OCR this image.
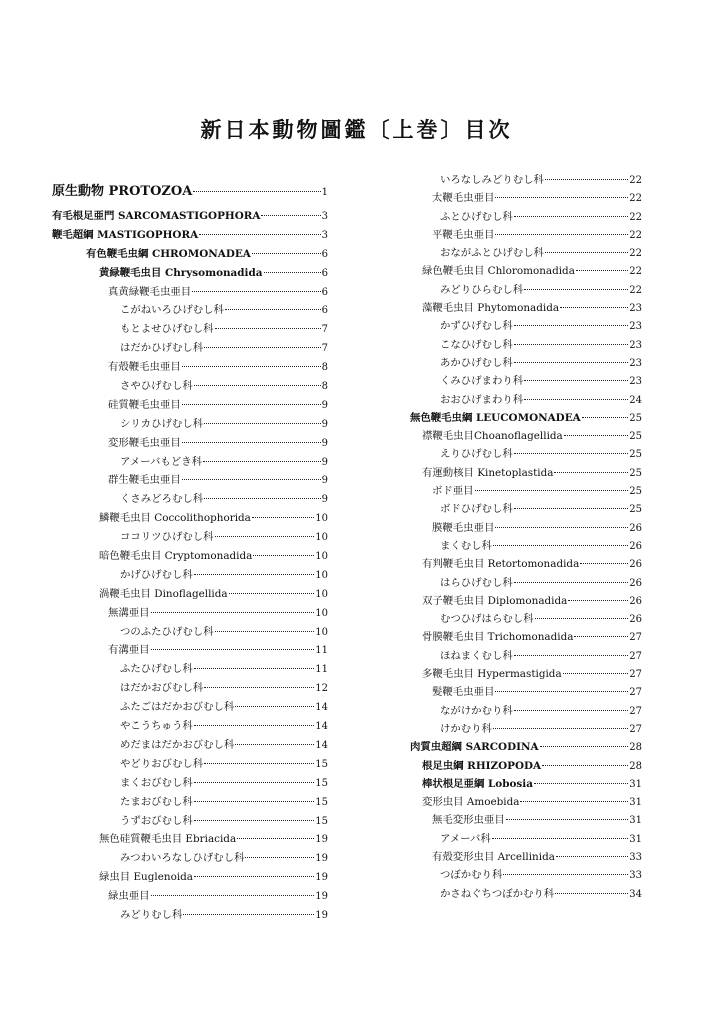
新日本動物圖鑑〔上巻〕目次
原生動物 PROTOZOA	1
有毛根足亜門 SARCOMASTIGOPHORA	3
鞭毛超綱 MASTIGOPHORA	3
有色鞭毛虫綱 CHROMONADEA	6
黄緑鞭毛虫目 Chrysomonadida	6
真黄緑鞭毛虫亜目	6
こがねいろひげむし科	6
もとよせひげむし科	7
はだかひげむし科	7
有殻鞭毛虫亜目	8
さやひげむし科	8
硅質鞭毛虫亜目	9
シリカひげむし科	9
変形鞭毛虫亜目	9
アメーバもどき科	9
群生鞭毛虫亜目	9
くさみどろむし科	9
鱗鞭毛虫目 Coccolithophorida	10
ココリツひげむし科	10
暗色鞭毛虫目 Cryptomonadida	10
かげひげむし科	10
渦鞭毛虫目 Dinoflagellida	10
無溝亜目	10
つのふたひげむし科	10
有溝亜目	11
ふたひげむし科	11
はだかおびむし科	12
ふたごはだかおびむし科	14
やこうちゅう科	14
めだまはだかおびむし科	14
やどりおびむし科	15
まくおびむし科	15
たまおびむし科	15
うずおびむし科	15
無色硅質鞭毛虫目 Ebriacida	19
みつわいろなしひげむし科	19
緑虫目 Euglenoida	19
緑虫亜目	19
みどりむし科	19
いろなしみどりむし科	22
太鞭毛虫亜目	22
ふとひげむし科	22
平鞭毛虫亜目	22
おながふとひげむし科	22
緑色鞭毛虫目 Chloromonadida	22
みどりひらむし科	22
藻鞭毛虫目 Phytomonadida	23
かずひげむし科	23
こなひげむし科	23
あかひげむし科	23
くみひげまわり科	23
おおひげまわり科	24
無色鞭毛虫綱 LEUCOMONADEA	25
襟鞭毛虫目Choanoflagellida	25
えりひげむし科	25
有運動核目 Kinetoplastida	25
ボド亜目	25
ボドひげむし科	25
膜鞭毛虫亜目	26
まくむし科	26
有判鞭毛虫目 Retortomonadida	26
はらひげむし科	26
双子鞭毛虫目 Diplomonadida	26
むつひげはらむし科	26
骨膜鞭毛虫目 Trichomonadida	27
ほねまくむし科	27
多鞭毛虫目 Hypermastigida	27
髪鞭毛虫亜目	27
ながけかむり科	27
けかむり科	27
肉質虫超綱 SARCODINA	28
根足虫綱 RHIZOPODA	28
棒状根足亜綱 Lobosia	31
変形虫目 Amoebida	31
無毛変形虫亜目	31
アメーバ科	31
有殻変形虫目 Arcellinida	33
つぼかむり科	33
かさねぐちつぼかむり科	34
